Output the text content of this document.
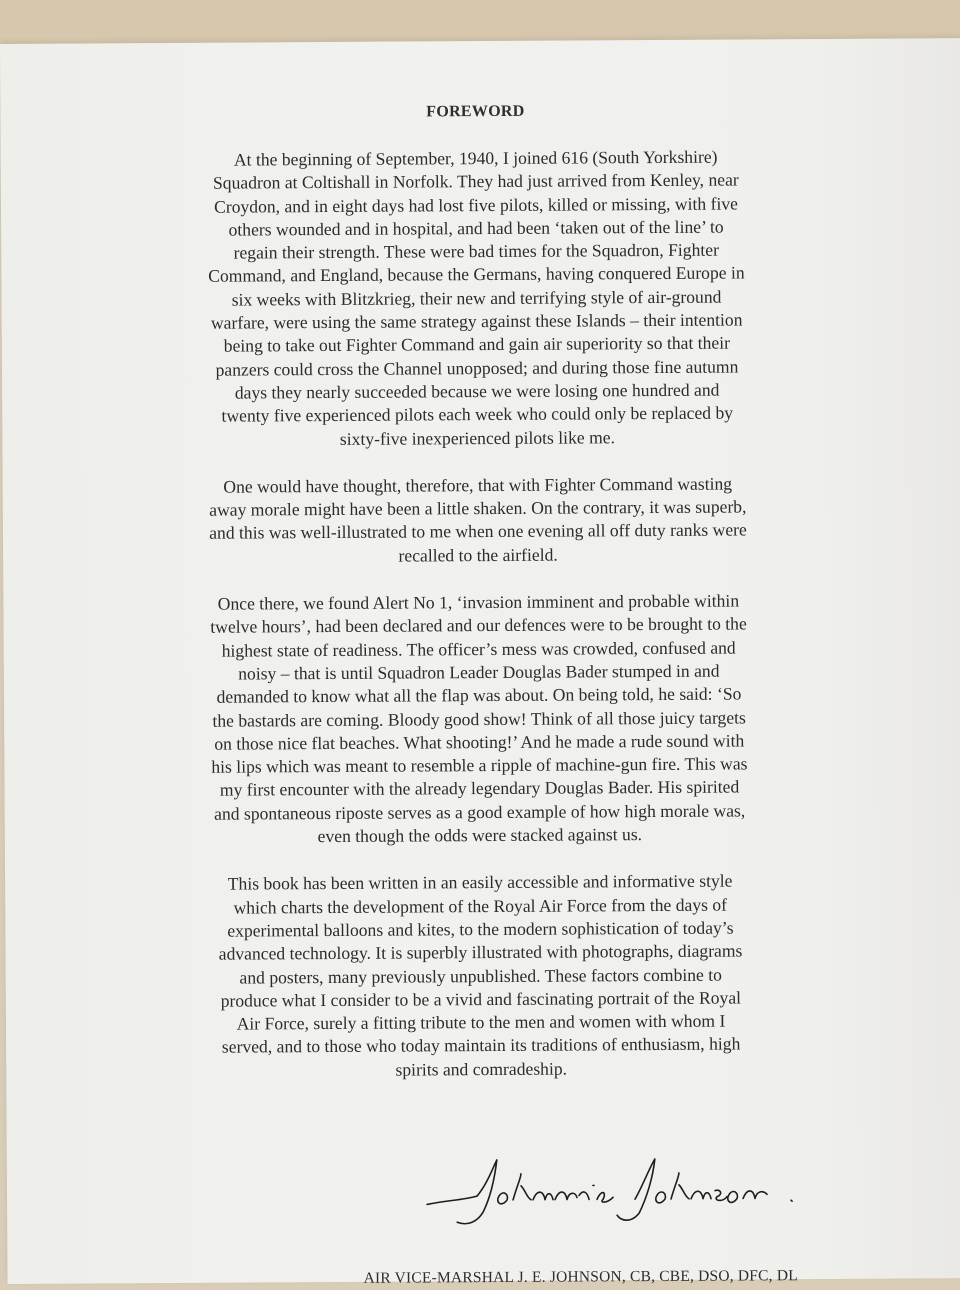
FOREWORD

At the beginning of September, 1940, I joined 616 (South Yorkshire)
Squadron at Coltishall in Norfolk. They had just arrived from Kenley, near
Croydon, and in eight days had lost five pilots, killed or missing, with five
others wounded and in hospital, and had been ‘taken out of the line’ to
regain their strength. These were bad times for the Squadron, Fighter
Command, and England, because the Germans, having conquered Europe in
six weeks with Blitzkrieg, their new and terrifying style of air-ground
warfare, were using the same strategy against these Islands – their intention
being to take out Fighter Command and gain air superiority so that their
panzers could cross the Channel unopposed; and during those fine autumn
days they nearly succeeded because we were losing one hundred and
twenty five experienced pilots each week who could only be replaced by
sixty-five inexperienced pilots like me.

One would have thought, therefore, that with Fighter Command wasting
away morale might have been a little shaken. On the contrary, it was superb,
and this was well-illustrated to me when one evening all off duty ranks were
recalled to the airfield.

Once there, we found Alert No 1, ‘invasion imminent and probable within
twelve hours’, had been declared and our defences were to be brought to the
highest state of readiness. The officer’s mess was crowded, confused and
noisy – that is until Squadron Leader Douglas Bader stumped in and
demanded to know what all the flap was about. On being told, he said: ‘So
the bastards are coming. Bloody good show! Think of all those juicy targets
on those nice flat beaches. What shooting!’ And he made a rude sound with
his lips which was meant to resemble a ripple of machine-gun fire. This was
my first encounter with the already legendary Douglas Bader. His spirited
and spontaneous riposte serves as a good example of how high morale was,
even though the odds were stacked against us.

This book has been written in an easily accessible and informative style
which charts the development of the Royal Air Force from the days of
experimental balloons and kites, to the modern sophistication of today’s
advanced technology. It is superbly illustrated with photographs, diagrams
and posters, many previously unpublished. These factors combine to
produce what I consider to be a vivid and fascinating portrait of the Royal
Air Force, surely a fitting tribute to the men and women with whom I
served, and to those who today maintain its traditions of enthusiasm, high
spirits and comradeship.

AIR VICE-MARSHAL J. E. JOHNSON, CB, CBE, DSO, DFC, DL
